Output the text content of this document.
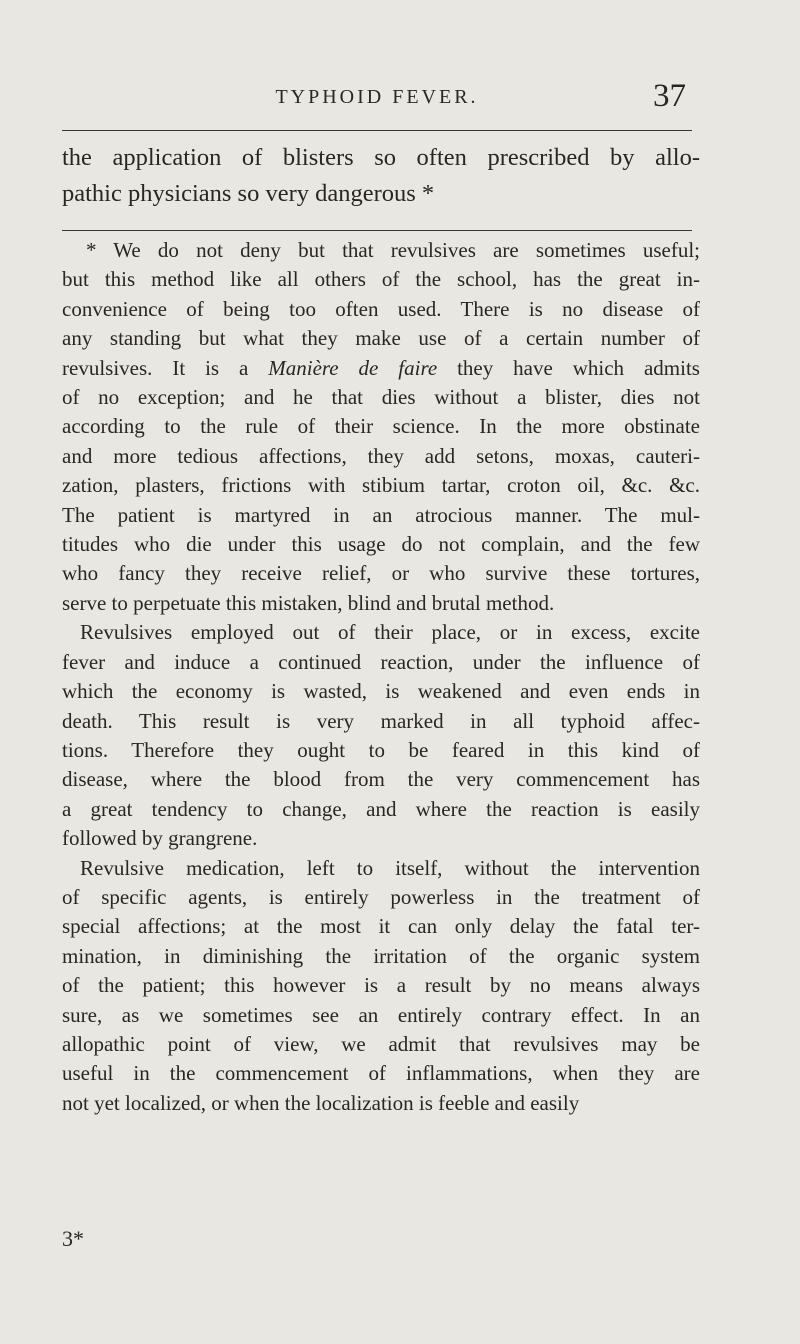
TYPHOID FEVER.	37
the application of blisters so often prescribed by allo-
pathic physicians so very dangerous *
* We do not deny but that revulsives are sometimes useful;
but this method like all others of the school, has the great in-
convenience of being too often used. There is no disease of
any standing but what they make use of a certain number of
revulsives. It is a Manière de faire they have which admits
of no exception; and he that dies without a blister, dies not
according to the rule of their science. In the more obstinate
and more tedious affections, they add setons, moxas, cauteri-
zation, plasters, frictions with stibium tartar, croton oil, &c. &c.
The patient is martyred in an atrocious manner. The mul-
titudes who die under this usage do not complain, and the few
who fancy they receive relief, or who survive these tortures,
serve to perpetuate this mistaken, blind and brutal method.
Revulsives employed out of their place, or in excess, excite
fever and induce a continued reaction, under the influence of
which the economy is wasted, is weakened and even ends in
death. This result is very marked in all typhoid affec-
tions. Therefore they ought to be feared in this kind of
disease, where the blood from the very commencement has
a great tendency to change, and where the reaction is easily
followed by grangrene.
Revulsive medication, left to itself, without the intervention
of specific agents, is entirely powerless in the treatment of
special affections; at the most it can only delay the fatal ter-
mination, in diminishing the irritation of the organic system
of the patient; this however is a result by no means always
sure, as we sometimes see an entirely contrary effect. In an
allopathic point of view, we admit that revulsives may be
useful in the commencement of inflammations, when they are
not yet localized, or when the localization is feeble and easily
3*
